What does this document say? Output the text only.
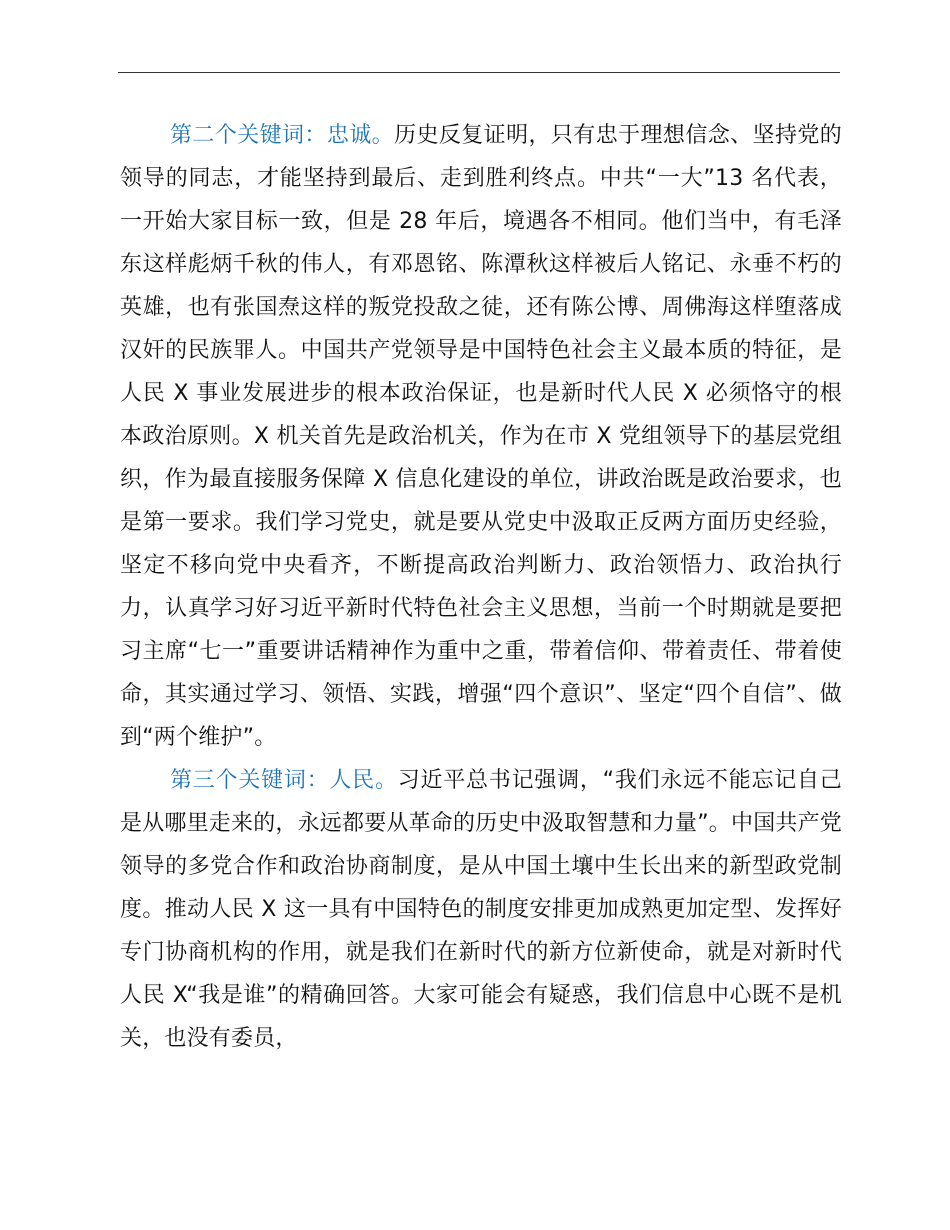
第二个关键词：忠诚。历史反复证明，只有忠于理想信念、坚持党的领导的同志，才能坚持到最后、走到胜利终点。中共“一大”13 名代表，一开始大家目标一致，但是 28 年后，境遇各不相同。他们当中，有毛泽东这样彪炳千秋的伟人，有邓恩铭、陈潭秋这样被后人铭记、永垂不朽的英雄，也有张国焘这样的叛党投敌之徒，还有陈公博、周佛海这样堕落成汉奸的民族罪人。中国共产党领导是中国特色社会主义最本质的特征，是人民 X 事业发展进步的根本政治保证，也是新时代人民 X 必须恪守的根本政治原则。X 机关首先是政治机关，作为在市 X 党组领导下的基层党组织，作为最直接服务保障 X 信息化建设的单位，讲政治既是政治要求，也是第一要求。我们学习党史，就是要从党史中汲取正反两方面历史经验，坚定不移向党中央看齐，不断提高政治判断力、政治领悟力、政治执行力，认真学习好习近平新时代特色社会主义思想，当前一个时期就是要把习主席“七一”重要讲话精神作为重中之重，带着信仰、带着责任、带着使命，其实通过学习、领悟、实践，增强“四个意识”、坚定“四个自信”、做到“两个维护”。

第三个关键词：人民。习近平总书记强调，“我们永远不能忘记自己是从哪里走来的，永远都要从革命的历史中汲取智慧和力量”。中国共产党领导的多党合作和政治协商制度，是从中国土壤中生长出来的新型政党制度。推动人民 X 这一具有中国特色的制度安排更加成熟更加定型、发挥好专门协商机构的作用，就是我们在新时代的新方位新使命，就是对新时代人民 X“我是谁”的精确回答。大家可能会有疑惑，我们信息中心既不是机关，也没有委员，
